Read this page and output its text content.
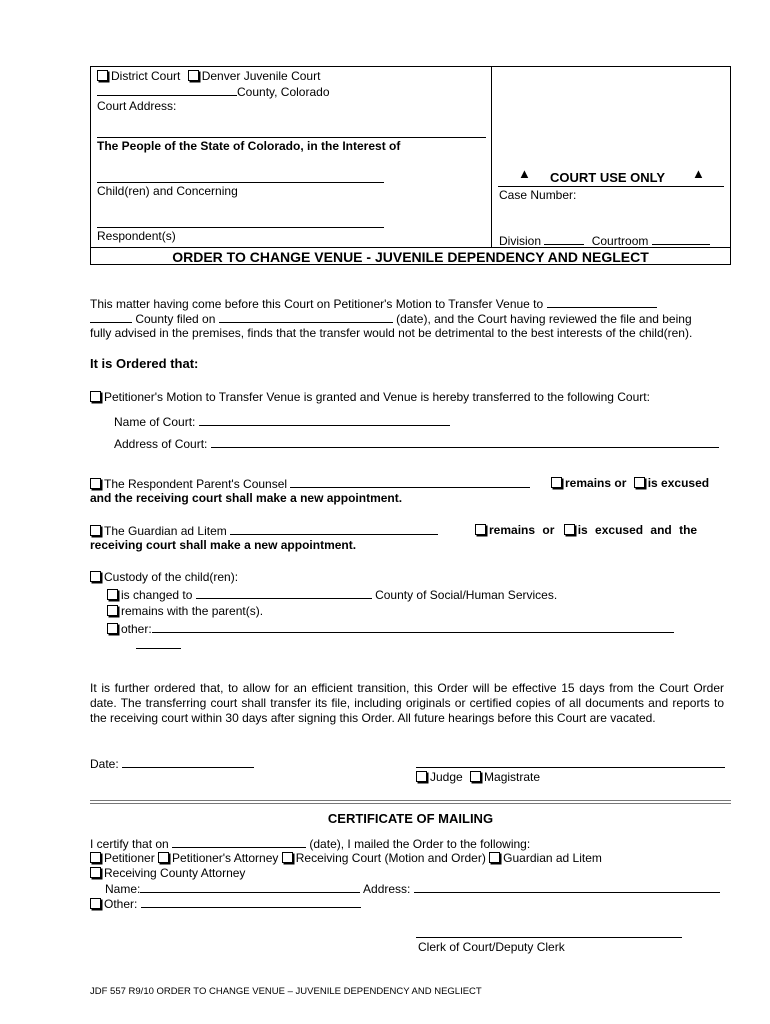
District Court Denver Juvenile Court
County, Colorado
Court Address:
The People of the State of Colorado, in the Interest of
Child(ren) and Concerning
Respondent(s)
▲ COURT USE ONLY ▲
Case Number:
Division	Courtroom
ORDER TO CHANGE VENUE - JUVENILE DEPENDENCY AND NEGLECT
This matter having come before this Court on Petitioner's Motion to Transfer Venue to
County filed on	(date), and the Court having reviewed the file and being
fully advised in the premises, finds that the transfer would not be detrimental to the best interests of the child(ren).
It is Ordered that:
Petitioner's Motion to Transfer Venue is granted and Venue is hereby transferred to the following Court:
Name of Court:
Address of Court:
The Respondent Parent's Counsel	remains or is excused
and the receiving court shall make a new appointment.
The Guardian ad Litem	remains or is excused and the
receiving court shall make a new appointment.
Custody of the child(ren):
is changed to	County of Social/Human Services.
remains with the parent(s).
other:
It is further ordered that, to allow for an efficient transition, this Order will be effective 15 days from the Court Order date. The transferring court shall transfer its file, including originals or certified copies of all documents and reports to the receiving court within 30 days after signing this Order. All future hearings before this Court are vacated.
Date:
Judge Magistrate
CERTIFICATE OF MAILING
I certify that on	(date), I mailed the Order to the following:
Petitioner Petitioner's Attorney Receiving Court (Motion and Order) Guardian ad Litem
Receiving County Attorney
Name:	Address:
Other:
Clerk of Court/Deputy Clerk
JDF 557 R9/10 ORDER TO CHANGE VENUE – JUVENILE DEPENDENCY AND NEGLIECT
